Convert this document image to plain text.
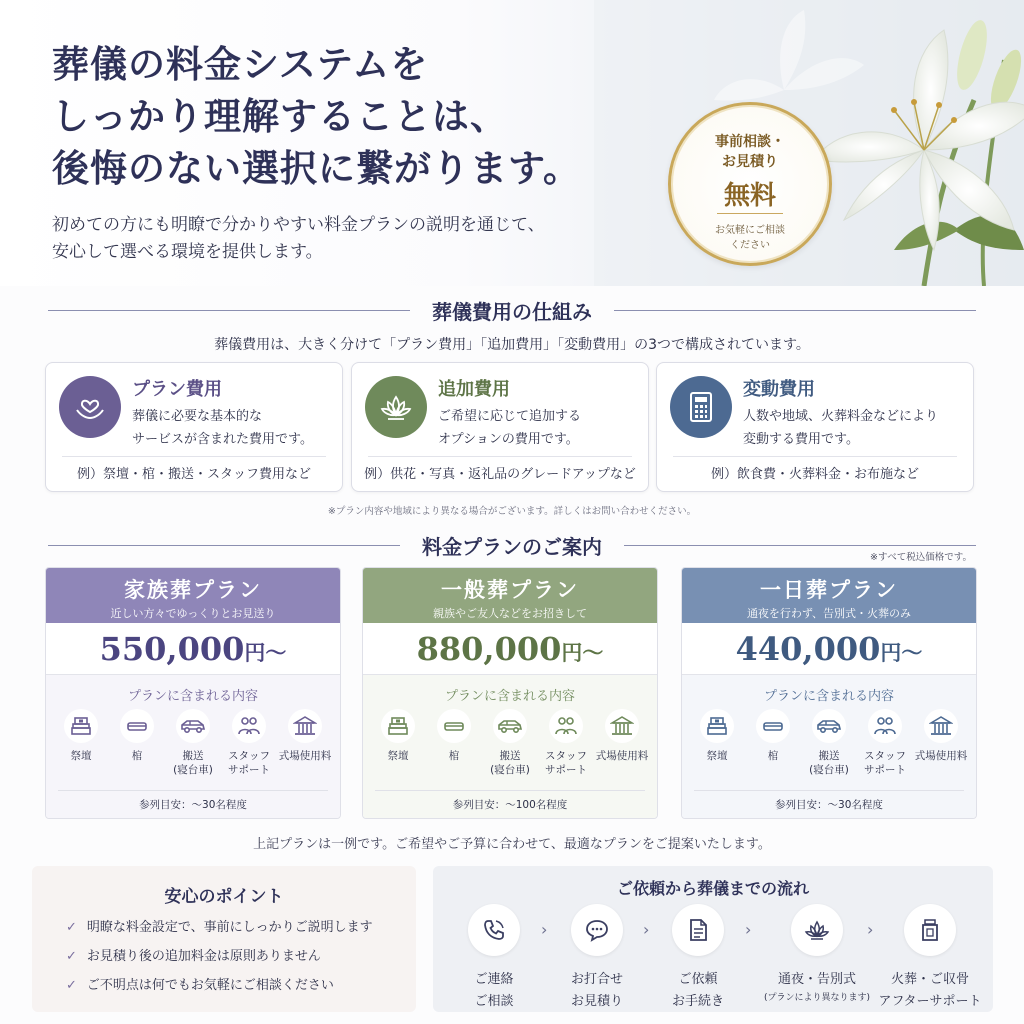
葬儀の料金システムを
しっかり理解することは、
後悔のない選択に繋がります。
初めての方にも明瞭で分かりやすい料金プランの説明を通じて、
安心して選べる環境を提供します。
事前相談・
お見積り
無料
お気軽にご相談
ください
葬儀費用の仕組み
葬儀費用は、大きく分けて「プラン費用」「追加費用」「変動費用」の3つで構成されています。
プラン費用
葬儀に必要な基本的な
サービスが含まれた費用です。
例）祭壇・棺・搬送・スタッフ費用など
追加費用
ご希望に応じて追加する
オプションの費用です。
例）供花・写真・返礼品のグレードアップなど
変動費用
人数や地域、火葬料金などにより
変動する費用です。
例）飲食費・火葬料金・お布施など
※プラン内容や地域により異なる場合がございます。詳しくはお問い合わせください。
料金プランのご案内	※すべて税込価格です。
家族葬プラン
近しい方々でゆっくりとお見送り
550,000円〜
プランに含まれる内容
祭壇	棺	搬送
(寝台車)
スタッフ
サポート
式場使用料
参列目安：〜30名程度
一般葬プラン
親族やご友人などをお招きして
880,000円〜
プランに含まれる内容
祭壇	棺	搬送
(寝台車)
スタッフ
サポート
式場使用料
参列目安：〜100名程度
一日葬プラン
通夜を行わず、告別式・火葬のみ
440,000円〜
プランに含まれる内容
祭壇	棺	搬送
(寝台車)
スタッフ
サポート
式場使用料
参列目安：〜30名程度
上記プランは一例です。ご希望やご予算に合わせて、最適なプランをご提案いたします。
安心のポイント
✓ 明瞭な料金設定で、事前にしっかりご説明します
✓ お見積り後の追加料金は原則ありません
✓ ご不明点は何でもお気軽にご相談ください
ご依頼から葬儀までの流れ
ご連絡
ご相談
›
お打合せ
お見積り
›
ご依頼
お手続き
›
通夜・告別式
(プランにより異なります)
›
火葬・ご収骨
アフターサポート
